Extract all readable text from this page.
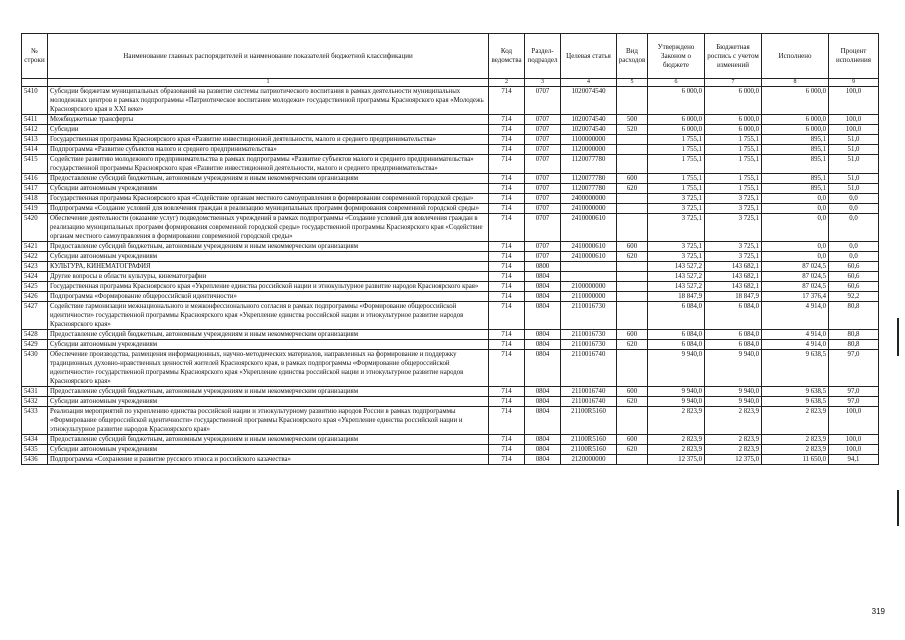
№ строки	Наименование главных распорядителей и наименование показателей бюджетной классификации	Код ведомства	Раздел-подраздел	Целевая статья	Вид расходов	Утверждено Законом о бюджете	Бюджетная роспись с учетом изменений	Исполнено	Процент исполнения
	1	2	3	4	5	6	7	8	9
5410	Субсидии бюджетам муниципальных образований на развитие системы патриотического воспитания в рамках деятельности муниципальных молодежных центров в рамках подпрограммы «Патриотическое воспитание молодежи» государственной программы Красноярского края «Молодежь Красноярского края в XXI веке»	714	0707	1020074540		6 000,0	6 000,0	6 000,0	100,0
5411	Межбюджетные трансферты	714	0707	1020074540	500	6 000,0	6 000,0	6 000,0	100,0
5412	Субсидии	714	0707	1020074540	520	6 000,0	6 000,0	6 000,0	100,0
5413	Государственная программа Красноярского края «Развитие инвестиционной деятельности, малого и среднего предпринимательства»	714	0707	1100000000		1 755,1	1 755,1	895,1	51,0
5414	Подпрограмма «Развитие субъектов малого и среднего предпринимательства»	714	0707	1120000000		1 755,1	1 755,1	895,1	51,0
5415	Содействие развитию молодежного предпринимательства в рамках подпрограммы «Развитие субъектов малого и среднего предпринимательства» государственной программы Красноярского края «Развитие инвестиционной деятельности, малого и среднего предпринимательства»	714	0707	1120077780		1 755,1	1 755,1	895,1	51,0
5416	Предоставление субсидий бюджетным, автономным учреждениям и иным некоммерческим организациям	714	0707	1120077780	600	1 755,1	1 755,1	895,1	51,0
5417	Субсидии автономным учреждениям	714	0707	1120077780	620	1 755,1	1 755,1	895,1	51,0
5418	Государственная программа Красноярского края «Содействие органам местного самоуправления в формировании современной городской среды»	714	0707	2400000000		3 725,1	3 725,1	0,0	0,0
5419	Подпрограмма «Создание условий для вовлечения граждан в реализацию муниципальных программ формирования современной городской среды»	714	0707	2410000000		3 725,1	3 725,1	0,0	0,0
5420	Обеспечение деятельности (оказание услуг) подведомственных учреждений в рамках подпрограммы «Создание условий для вовлечения граждан в реализацию муниципальных программ формирования современной городской среды» государственной программы Красноярского края «Содействие органам местного самоуправления в формировании современной городской среды»	714	0707	2410000610		3 725,1	3 725,1	0,0	0,0
5421	Предоставление субсидий бюджетным, автономным учреждениям и иным некоммерческим организациям	714	0707	2410000610	600	3 725,1	3 725,1	0,0	0,0
5422	Субсидии автономным учреждениям	714	0707	2410000610	620	3 725,1	3 725,1	0,0	0,0
5423	КУЛЬТУРА, КИНЕМАТОГРАФИЯ	714	0800			143 527,2	143 682,1	87 024,5	60,6
5424	Другие вопросы в области культуры, кинематографии	714	0804			143 527,2	143 682,1	87 024,5	60,6
5425	Государственная программа Красноярского края «Укрепление единства российской нации и этнокультурное развитие народов Красноярского края»	714	0804	2100000000		143 527,2	143 682,1	87 024,5	60,6
5426	Подпрограмма «Формирование общероссийской идентичности»	714	0804	2110000000		18 847,9	18 847,9	17 376,4	92,2
5427	Содействие гармонизации межнационального и межконфессионального согласия в рамках подпрограммы «Формирование общероссийской идентичности» государственной программы Красноярского края «Укрепление единства российской нации и этнокультурное развитие народов Красноярского края»	714	0804	2110016730		6 084,0	6 084,0	4 914,0	80,8
5428	Предоставление субсидий бюджетным, автономным учреждениям и иным некоммерческим организациям	714	0804	2110016730	600	6 084,0	6 084,0	4 914,0	80,8
5429	Субсидии автономным учреждениям	714	0804	2110016730	620	6 084,0	6 084,0	4 914,0	80,8
5430	Обеспечение производства, размещения информационных, научно-методических материалов, направленных на формирование и поддержку традиционных духовно-нравственных ценностей жителей Красноярского края, в рамках подпрограммы «Формирование общероссийской идентичности» государственной программы Красноярского края «Укрепление единства российской нации и этнокультурное развитие народов Красноярского края»	714	0804	2110016740		9 940,0	9 940,0	9 638,5	97,0
5431	Предоставление субсидий бюджетным, автономным учреждениям и иным некоммерческим организациям	714	0804	2110016740	600	9 940,0	9 940,0	9 638,5	97,0
5432	Субсидии автономным учреждениям	714	0804	2110016740	620	9 940,0	9 940,0	9 638,5	97,0
5433	Реализация мероприятий по укреплению единства российской нации и этнокультурному развитию народов России в рамках подпрограммы «Формирование общероссийской идентичности» государственной программы Красноярского края «Укрепление единства российской нации и этнокультурное развитие народов Красноярского края»	714	0804	21100R5160		2 823,9	2 823,9	2 823,9	100,0
5434	Предоставление субсидий бюджетным, автономным учреждениям и иным некоммерческим организациям	714	0804	21100R5160	600	2 823,9	2 823,9	2 823,9	100,0
5435	Субсидии автономным учреждениям	714	0804	21100R5160	620	2 823,9	2 823,9	2 823,9	100,0
5436	Подпрограмма «Сохранение и развитие русского этноса и российского казачества»	714	0804	2120000000		12 375,0	12 375,0	11 650,0	94,1
319
